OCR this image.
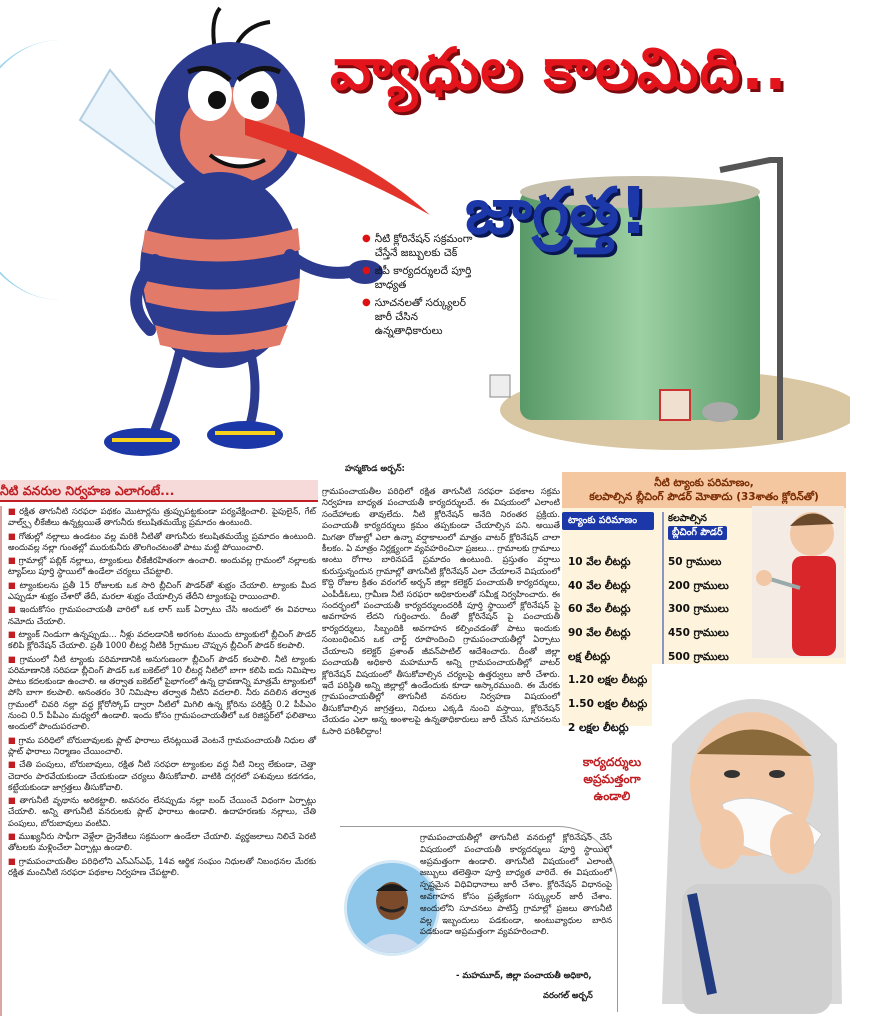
వ్యాధుల కాలమిది..
జాగ్రత్త!
● నీటి క్లోరినేషన్ సక్రమంగా చేస్తేనే జబ్బులకు చెక్
● జీపీ కార్యదర్శులదే పూర్తి బాధ్యత
● సూచనలతో సర్క్యులర్ జారీ చేసిన ఉన్నతాధికారులు
హన్మకొండ అర్బన్:
నీటి వనరుల నిర్వహణ ఎలాగంటే...
■ రక్షిత తాగునీటి సరఫరా పథకం మొటార్లను త్రుప్పుపట్టకుండా పర్యవేక్షించాలి. పైపులైన్, గేట్ వాల్వ్స్ లీకేజీలు ఉన్నట్లయితే తాగునీరు కలుషితమయ్యే ప్రమాదం ఉంటుంది.
■ గోతుల్లో నల్లాలు ఉండటం వల్ల మరికి నీటితో తాగునీరు కలుషితమయ్యే ప్రమాదం ఉంటుంది. అందువల్ల నల్లా గుంతల్లో మురుకునీరు తొలగించటంతో పాటు మట్టి పోయించాలి.
■ గ్రామాల్లో పబ్లిక్ నల్లాలు, ట్యాంకులు లీకేజీరహితంగా ఉంచాలి. అందువల్ల గ్రామంలో నల్లాలకు ట్యాప్‌లు పూర్తి స్థాయిలో ఉండేలా చర్యలు చేపట్టాలి.
■ ట్యాంకులను ప్రతీ 15 రోజులకు ఒక సారి బ్లీచింగ్ పౌడర్‌తో శుభ్రం చేయాలి. ట్యాంకు మీద ఎప్పుడూ శుభ్రం చేశారో తేదీ, మరలా శుభ్రం చేయాల్సిన తేదీని ట్యాంకుపై రాయించాలి.
■ ఇందుకోసం గ్రామపంచాయతీ వారిలో ఒక లాగ్ బుక్ ఏర్పాటు చేసి అందులో ఈ వివరాలు నమోదు చేయాలి.
■ ట్యాంక్ నిండుగా ఉన్నప్పుడు... నీళ్లు వదలడానికి అరగంట ముందు ట్యాంకులో బ్లీచింగ్ పౌడర్ కలిపి క్లోరినేషన్ చేయాలి. ప్రతీ 1000 లీటర్ల నీటికి 5గ్రాముల చొప్పున బ్లీచింగ్ పౌడర్ కలపాలి.
■ గ్రామంలో నీటి ట్యాంకు పరిమాణానికి అనుగుణంగా బ్లీచింగ్ పౌడర్ కలపాలి. నీటి ట్యాంకు పరిమాణానికి సరిపడా బ్లీచింగ్ పౌడర్ ఒక బకెట్‌లో 10 లీటర్ల నీటిలో బాగా కలిపి ఐదు నిమిషాల పాటు కదలకుండా ఉంచాలి. ఆ తర్వాత బకెట్‌లో పైభాగంలో ఉన్న ద్రావణాన్ని మాత్రమే ట్యాంకులో పోసి బాగా కలపాలి. అనంతరం 30 నిమిషాల తర్వాత నీటిని వదలాలి. నీరు వదిలిన తర్వాత గ్రామంలో చివరి నల్లా వద్ద క్లోరోస్కోప్ ద్వారా నీటిలో మిగిలి ఉన్న క్లోరిను పరిక్షిస్తే 0.2 పీపీఎం నుంచి 0.5 పీపీఎం మధ్యలో ఉండాలి. ఇందు కోసం గ్రామపంచాయతీలో ఒక రిజిస్టర్‌లో ఫలితాలు అందులో పొందుపరచాలి.
■ గ్రామ పరిధిలో బోరుబావులకు ప్లాట్ ఫారాలు లేనట్లయితే వెంటనే గ్రామపంచాయతీ నిధుల తో ప్లాట్ ఫారాలు నిర్మాణం చేయించాలి.
■ చేతి పంపులు, బోరుబావులు, రక్షిత నీటి సరఫరా ట్యాంకుల వద్ద నీటి నిల్వ లేకుండా, చెత్తా చెదారం పారవేయకుండా చేయకుండా చర్యలు తీసుకోవాలి. వాటికి దగ్గరలో పశువులు కడగడం, కట్టేయకుండా జాగ్రత్తలు తీసుకోవాలి.
■ తాగునీటి వృథాను అరికట్టాలి. అవసరం లేనప్పుడు నల్లా బంద్ చేయించే విధంగా ఏర్పాట్లు చేయాలి. అన్ని తాగునీటి వనరులకు ప్లాట్ ఫారాలు ఉండాలి. ఉదాహరణకు నల్లాలు, చేతి పంపులు, బోరుబావులు వంటివి.
■ ముఖ్యనీరు సాఫీగా వెళ్లేలా డ్రైనేజీలు సక్రమంగా ఉండేలా చేయాలి. వ్యర్థజలాలు నిలిచే పెరటి తోటలకు మళ్లించేలా ఏర్పాట్లు ఉండాలి.
■ గ్రామపంచాయతీల పరిధిలోని ఎస్ఎస్‌ఎఫ్, 14వ ఆర్థిక సంఘం నిధులతో నిబంధనల మేరకు రక్షిత మంచినీటి సరఫరా పథకాల నిర్వహణ చేపట్టాలి.
గ్రామపంచాయతీల పరిధిలో రక్షిత తాగునీటి సరఫరా పథకాల సక్రమ నిర్వహణ బాధ్యత పంచాయతీ కార్యదర్శులదే. ఈ విషయంలో ఎలాంటి సందేహాలకు తావులేదు. నీటి క్లోరినేషన్ అనేది నిరంతర ప్రక్రియ. పంచాయతీ కార్యదర్శులు క్రమం తప్పకుండా చేయాల్సిన పని. అయితే మిగతా రోజుల్లో ఎలా ఉన్నా వర్షాకాలంలో మాత్రం వాటర్ క్లోరినేషన్ చాలా కీలకం. ఏ మాత్రం నిర్లక్ష్యంగా వ్యవహరించినా ప్రజలు... గ్రామాలకు గ్రామాలు అంటు రోగాల బారినపడే ప్రమాదం ఉంటుంది. ప్రస్తుతం వర్షాలు కురుస్తున్నందున గ్రామాల్లో తాగునీటి క్లోరినేషన్ ఎలా చేయాలనే విషయంలో కొద్ది రోజుల క్రితం వరంగల్ అర్బన్ జిల్లా కలెక్టర్ పంచాయతీ కార్యదర్శులు, ఎంపీడీఓలు, గ్రామీణ నీటి సరఫరా అధికారులతో సమీక్ష నిర్వహించారు. ఈ సందర్భంలో పంచాయతీ కార్యదర్శులందరికీ పూర్తి స్థాయిలో క్లోరినేషన్ పై అవగాహన లేదని గుర్తించారు. దీంతో క్లోరినేషన్ పై పంచాయతీ కార్యదర్శులు, సిబ్బందికి అవగాహన కల్పించడంతో పాటు ఇందుకు సంబంధించిన ఒక చార్ట్ రూపొందించి గ్రామపంచాయతీల్లో ఏర్పాటు చేయాలని కలెక్టర్ ప్రశాంత్ జీవన్‌పాటిల్ ఆదేశించారు. దీంతో జిల్లా పంచాయతీ అధికారి మహమూద్ అన్ని గ్రామపంచాయతీల్లో వాటర్ క్లోరినేషన్ విషయంలో తీసుకోవాల్సిన చర్యలపై ఉత్తర్వులు జారీ చేశారు. ఇదే పరిస్థితి అన్ని జిల్లాల్లో ఉండేందుకు కూడా ఆస్కారముంది. ఈ మేరకు గ్రామపంచాయతీల్లో తాగునీటి వనరుల నిర్వహణ విషయంలో తీసుకోవాల్సిన జాగ్రత్తలు, నిధులు ఎక్కడి నుంచి వస్తాయి, క్లోరినేషన్ చేయడం ఎలా అన్న అంశాలపై ఉన్నతాధికారులు జారీ చేసిన సూచనలను ఓసారి పరిశీలిద్దాం!
నీటి ట్యాంకు పరిమాణం,
కలపాల్సిన బ్లీచింగ్ పౌడర్ మోతాదు (33శాతం క్లోరిన్‌తో)
ట్యాంకు పరిమాణం	కలపాల్సిన
బ్లీచింగ్ పౌడర్
10 వేల లీటర్లు	50 గ్రాములు
40 వేల లీటర్లు	200 గ్రాములు
60 వేల లీటర్లు	300 గ్రాములు
90 వేల లీటర్లు	450 గ్రాములు
లక్ష లీటర్లు	500 గ్రాములు
1.20 లక్షల లీటర్లు
1.50 లక్షల లీటర్లు
2 లక్షల లీటర్లు
కార్యదర్శులు
అప్రమత్తంగా
ఉండాలి
గ్రామపంచాయతీల్లో తాగునీటి వనరుల్లో క్లోరినేషన్ చేసే విషయంలో పంచాయతీ కార్యదర్శులు పూర్తి స్థాయిలో అప్రమత్తంగా ఉండాలి. తాగునీటి విషయంలో ఎలాంటి జబ్బులు తలెత్తినా పూర్తి బాధ్యత వారిదే. ఈ విషయంలో స్పష్టమైన విధివిధానాలు జారీ చేశాం. క్లోరినేషన్ విధానంపై అవగాహన కోసం ప్రత్యేకంగా సర్క్యులర్ జారీ చేశాం. అందులోని సూచనలు పాటిస్తే గ్రామాల్లో ప్రజలు తాగునీటి వల్ల ఇబ్బందులు పడకుండా, అంటువ్యాధుల బారిన పడకుండా అప్రమత్తంగా వ్యవహరించాలి.
- మహమూద్, జిల్లా పంచాయతీ అధికారి,
వరంగల్ అర్బన్
